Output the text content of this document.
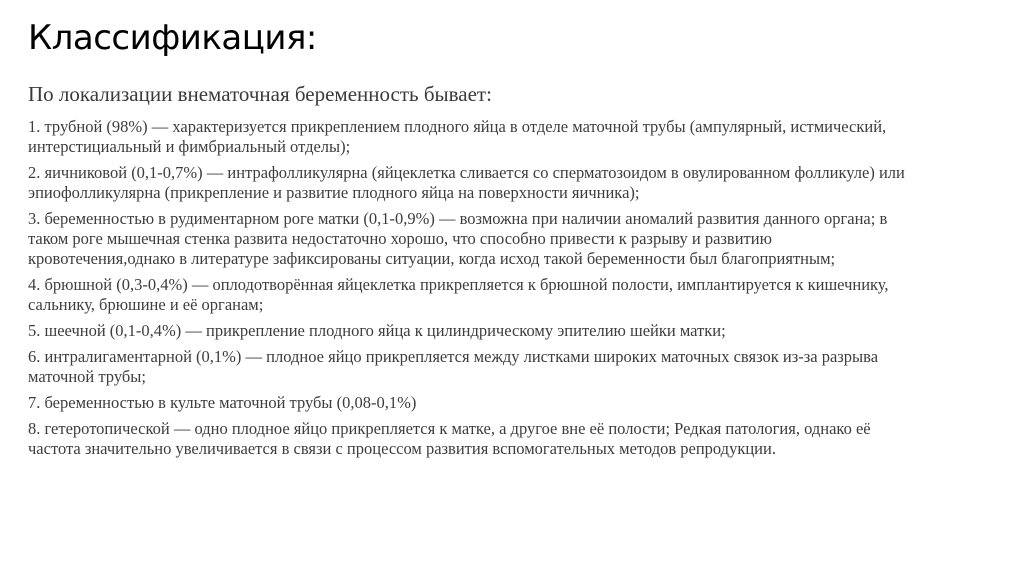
Классификация:

По локализации внематочная беременность бывает:

1. трубной (98%) — характеризуется прикреплением плодного яйца в отделе маточной трубы (ампулярный, истмический, интерстициальный и фимбриальный отделы);
2. яичниковой (0,1-0,7%) — интрафолликулярна (яйцеклетка сливается со сперматозоидом в овулированном фолликуле) или эпиофолликулярна (прикрепление и развитие плодного яйца на поверхности яичника);
3. беременностью в рудиментарном роге матки (0,1-0,9%) — возможна при наличии аномалий развития данного органа; в таком роге мышечная стенка развита недостаточно хорошо, что способно привести к разрыву и развитию кровотечения,однако в литературе зафиксированы ситуации, когда исход такой беременности был благоприятным;
4. брюшной (0,3-0,4%) — оплодотворённая яйцеклетка прикрепляется к брюшной полости, имплантируется к кишечнику, сальнику, брюшине и её органам;
5. шеечной (0,1-0,4%) — прикрепление плодного яйца к цилиндрическому эпителию шейки матки;
6. интралигаментарной (0,1%) — плодное яйцо прикрепляется между листками широких маточных связок из-за разрыва маточной трубы;
7. беременностью в культе маточной трубы (0,08-0,1%)
8. гетеротопической — одно плодное яйцо прикрепляется к матке, а другое вне её полости; Редкая патология, однако её частота значительно увеличивается в связи с процессом развития вспомогательных методов репродукции.
